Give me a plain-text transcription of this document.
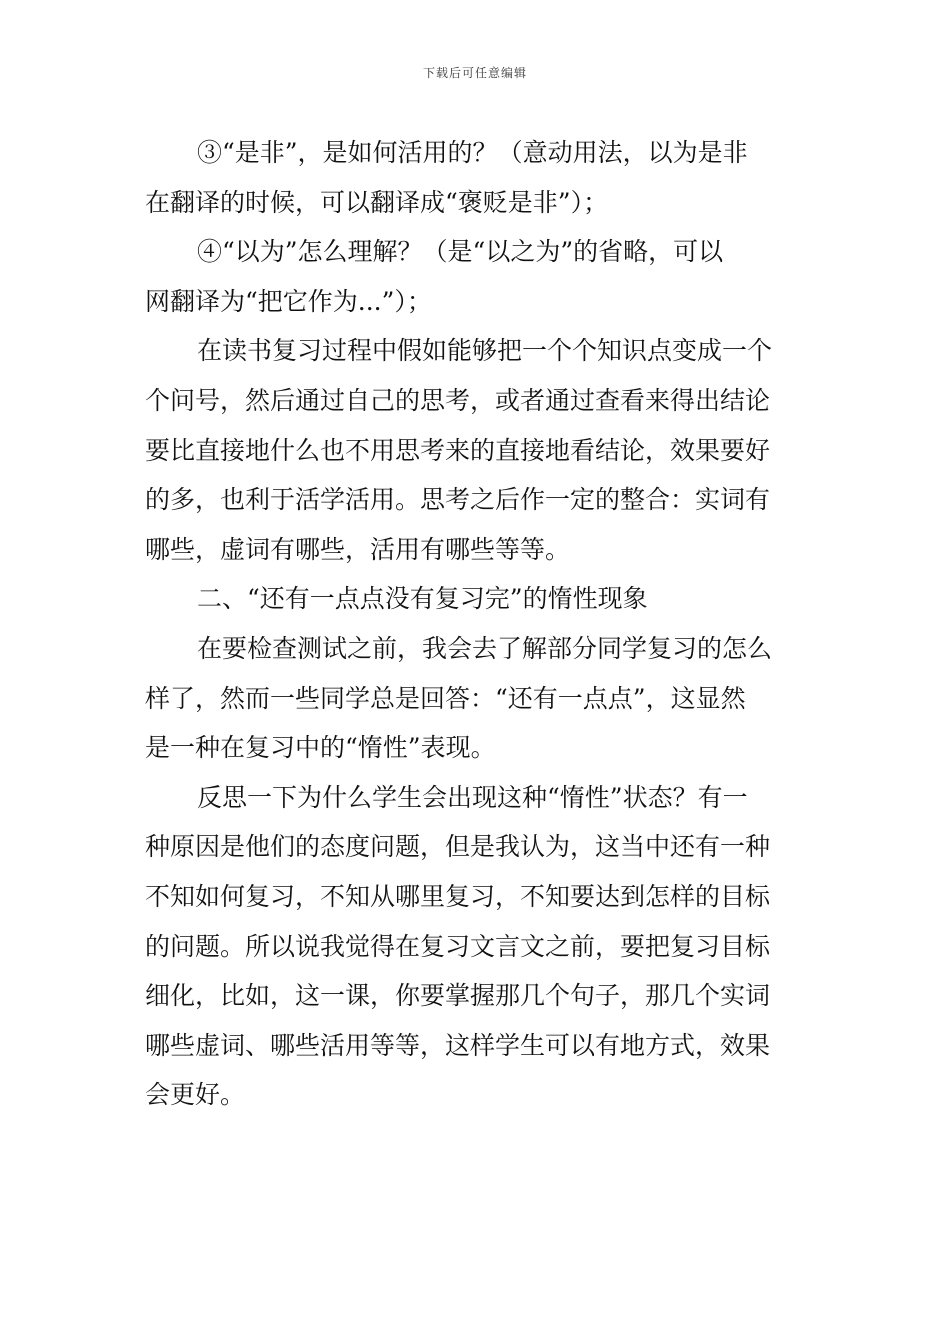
下载后可任意编辑
③“是非”，是如何活用的？（意动用法，以为是非
在翻译的时候，可以翻译成“褒贬是非”）；
④“以为”怎么理解？（是“以之为”的省略，可以
网翻译为“把它作为...”）；
在读书复习过程中假如能够把一个个知识点变成一个
个问号，然后通过自己的思考，或者通过查看来得出结论
要比直接地什么也不用思考来的直接地看结论，效果要好
的多，也利于活学活用。思考之后作一定的整合：实词有
哪些，虚词有哪些，活用有哪些等等。
二、“还有一点点没有复习完”的惰性现象
在要检查测试之前，我会去了解部分同学复习的怎么
样了，然而一些同学总是回答：“还有一点点”，这显然
是一种在复习中的“惰性”表现。
反思一下为什么学生会出现这种“惰性”状态？有一
种原因是他们的态度问题，但是我认为，这当中还有一种
不知如何复习，不知从哪里复习，不知要达到怎样的目标
的问题。所以说我觉得在复习文言文之前，要把复习目标
细化，比如，这一课，你要掌握那几个句子，那几个实词
哪些虚词、哪些活用等等，这样学生可以有地方式，效果
会更好。
